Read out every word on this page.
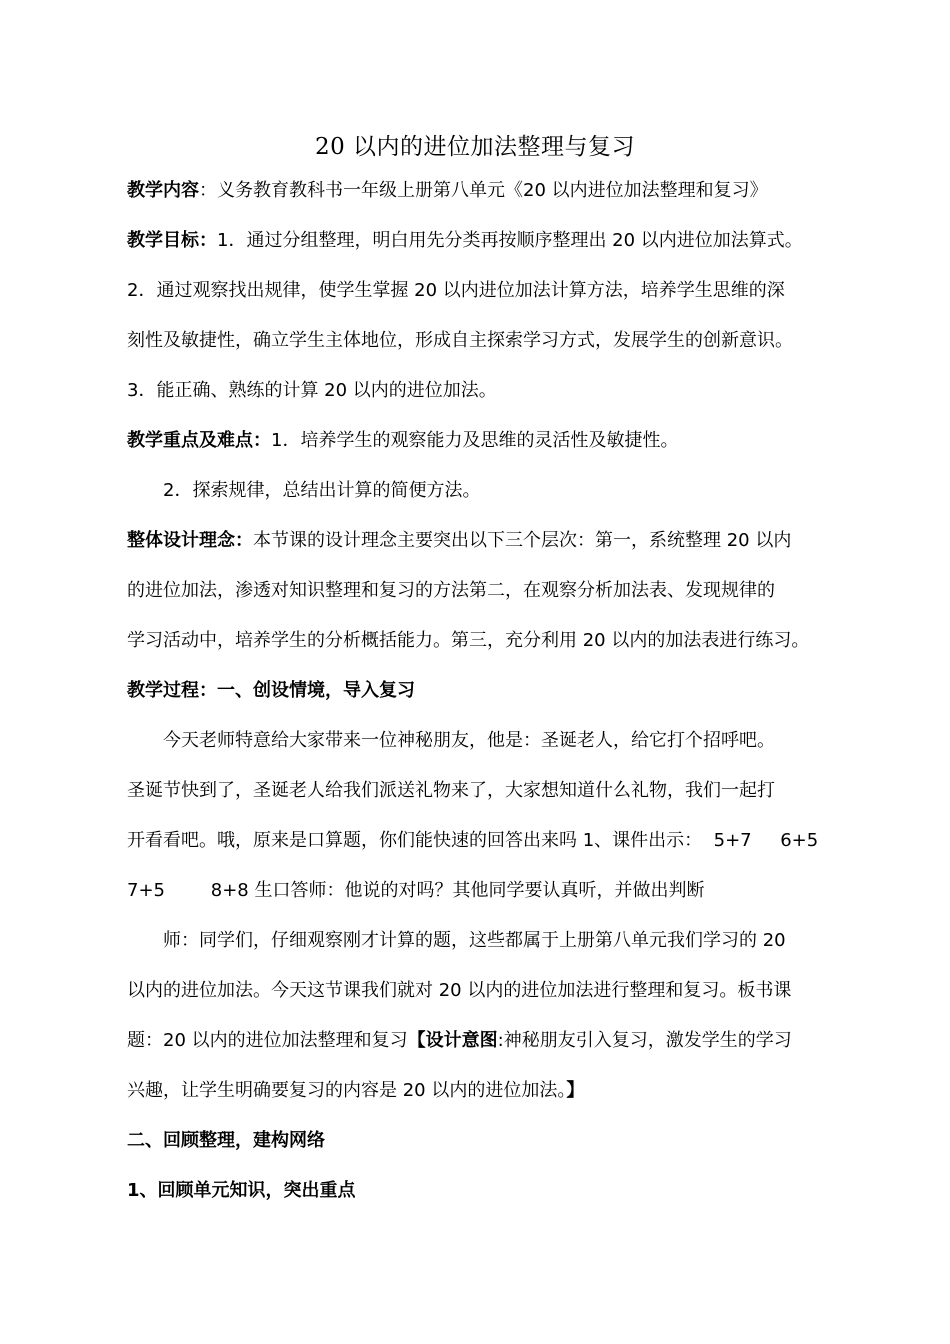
20 以内的进位加法整理与复习
教学内容：义务教育教科书一年级上册第八单元《20 以内进位加法整理和复习》
教学目标：1．通过分组整理，明白用先分类再按顺序整理出 20 以内进位加法算式。
2．通过观察找出规律，使学生掌握 20 以内进位加法计算方法，培养学生思维的深
刻性及敏捷性，确立学生主体地位，形成自主探索学习方式，发展学生的创新意识。
3．能正确、熟练的计算 20 以内的进位加法。
教学重点及难点：1．培养学生的观察能力及思维的灵活性及敏捷性。
2．探索规律，总结出计算的简便方法。
整体设计理念：本节课的设计理念主要突出以下三个层次：第一，系统整理 20 以内
的进位加法，渗透对知识整理和复习的方法第二，在观察分析加法表、发现规律的
学习活动中，培养学生的分析概括能力。第三，充分利用 20 以内的加法表进行练习。
教学过程：一、创设情境，导入复习
今天老师特意给大家带来一位神秘朋友，他是：圣诞老人，给它打个招呼吧。
圣诞节快到了，圣诞老人给我们派送礼物来了，大家想知道什么礼物，我们一起打
开看看吧。哦，原来是口算题，你们能快速的回答出来吗 1、课件出示：  5+7     6+5
7+5        8+8 生口答师：他说的对吗？其他同学要认真听，并做出判断
师：同学们，仔细观察刚才计算的题，这些都属于上册第八单元我们学习的 20
以内的进位加法。今天这节课我们就对 20 以内的进位加法进行整理和复习。板书课
题：20 以内的进位加法整理和复习【设计意图:神秘朋友引入复习，激发学生的学习
兴趣，让学生明确要复习的内容是 20 以内的进位加法。】
二、回顾整理，建构网络
1、回顾单元知识，突出重点
